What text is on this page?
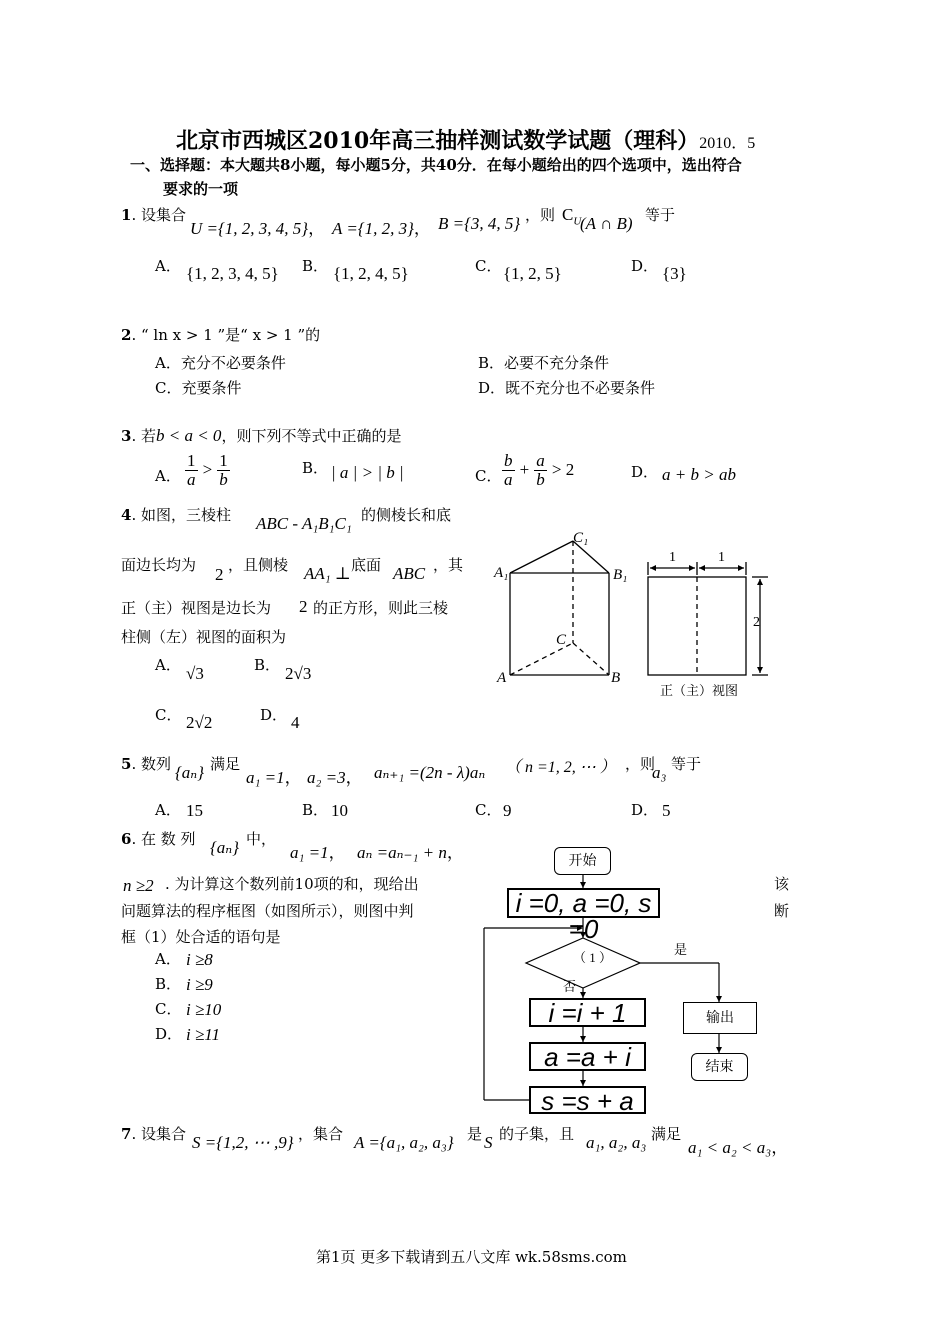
北京市西城区2010年高三抽样测试数学试题（理科）2010．5
一、选择题：本大题共8小题，每小题5分，共40分．在每小题给出的四个选项中，选出符合
要求的一项
1. 设集合
U ={1, 2, 3, 4, 5}， A ={1, 2, 3}， B ={3, 4, 5} ，则 $C_U$
(A ∩ B) 等于
A． {1, 2, 3, 4, 5} B． {1, 2, 4, 5}	C． {1, 2, 5}	D． {3}
2. “ ln x > 1 ”是“ x > 1 ”的
A．充分不必要条件	B．必要不充分条件
C．充要条件	D．既不充分也不必要条件
3. 若b < a < 0，则下列不等式中正确的是
A． $\frac{1}{a} > \frac{1}{b}$	B． | a | > | b |	C． $\frac{b}{a} + \frac{a}{b} > 2$	D． a + b > ab
4. 如图，三棱柱 ABC - A₁B₁C₁ 的侧棱长和底
面边长均为 2 ，且侧棱 AA₁ ⊥ 底面 ABC ，其
正（主）视图是边长为 2 的正方形，则此三棱
柱侧（左）视图的面积为
A． √3	B． 2√3
C． 2√2	D． 4
C₁
A₁	B₁
C
A	B
1	1
2
正（主）视图
5. 数列 {aₙ} 满足
a₁ =1， a₂ =3， aₙ₊₁ =(2n - λ)aₙ （ n =1, 2, ⋯ ） ，则
a₃ 等于
A． 15	B． 10	C． 9	D． 5
6. 在 数 列 {aₙ} 中，
a₁ =1， aₙ =aₙ₋₁ + n，
n ≥2 . 为计算这个数列前10项的和，现给出	该
问题算法的程序框图（如图所示），则图中判	断
框（1）处合适的语句是
A． i ≥8
B． i ≥9
C． i ≥10
D． i ≥11
（ 1 ）
是
否
开始
i =0, a =0, s =0
i =i + 1
a =a + i
s =s + a
输出
结束
7. 设集合 S ={1,2, ⋯ ,9} ，集合 A ={a₁, a₂, a₃} 是 S 的子集，且 a₁, a₂, a₃ 满足
a₁ < a₂ < a₃，
第1页 更多下载请到五八文库 wk.58sms.com
